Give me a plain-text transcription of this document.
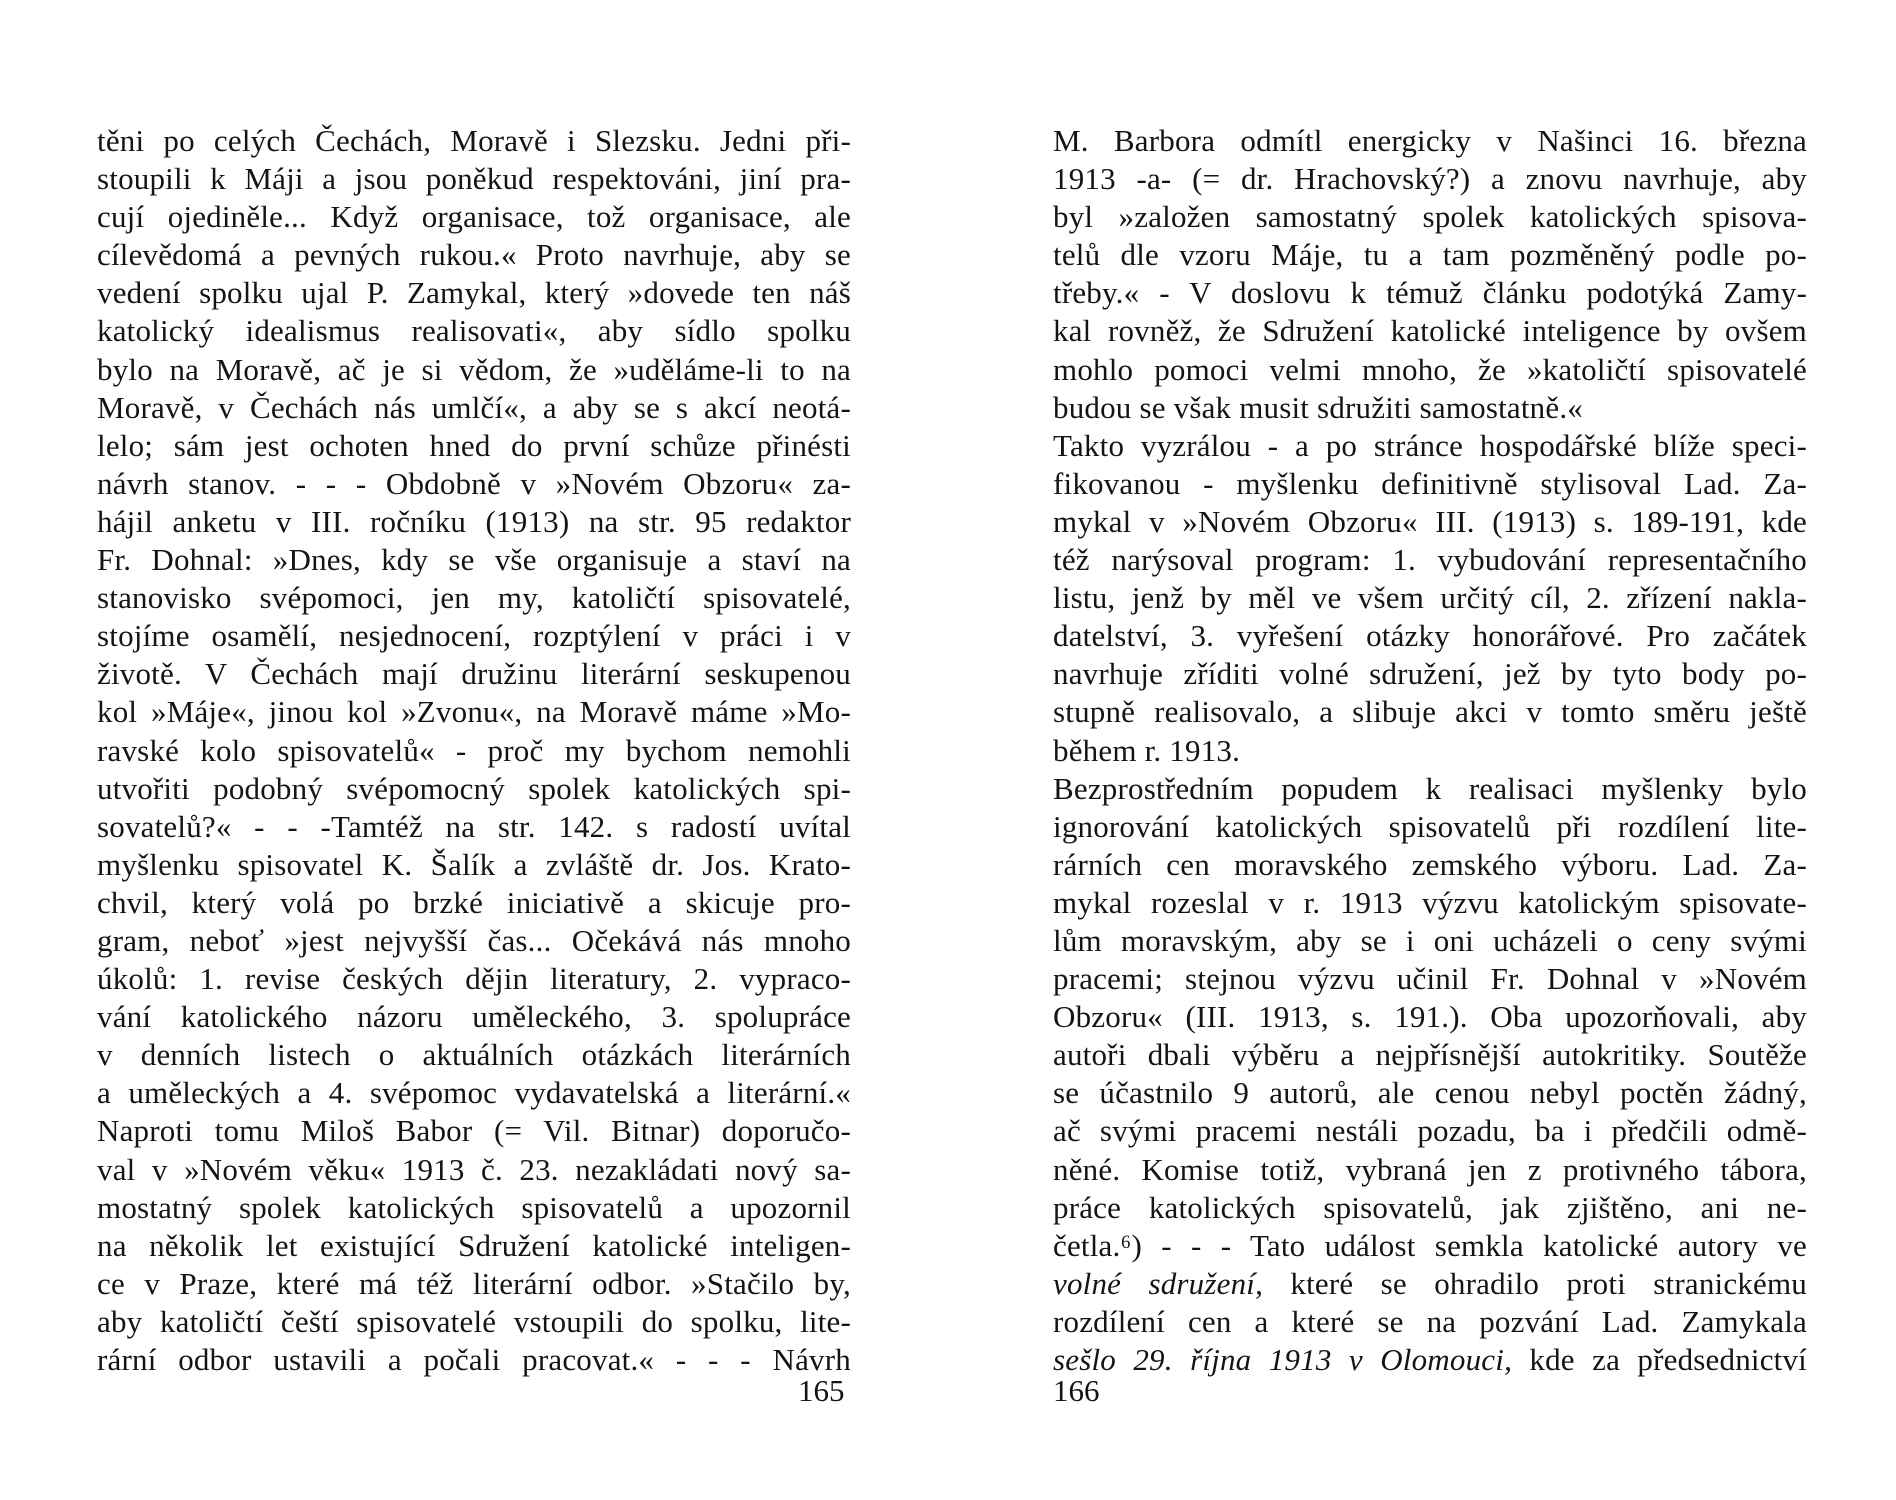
těni po celých Čechách, Moravě i Slezsku. Jedni při-
stoupili k Máji a jsou poněkud respektováni, jiní pra-
cují ojediněle... Když organisace, tož organisace, ale
cílevědomá a pevných rukou.« Proto navrhuje, aby se
vedení spolku ujal P. Zamykal, který »dovede ten náš
katolický idealismus realisovati«, aby sídlo spolku
bylo na Moravě, ač je si vědom, že »uděláme-li to na
Moravě, v Čechách nás umlčí«, a aby se s akcí neotá-
lelo; sám jest ochoten hned do první schůze přinésti
návrh stanov. - - - Obdobně v »Novém Obzoru« za-
hájil anketu v III. ročníku (1913) na str. 95 redaktor
Fr. Dohnal: »Dnes, kdy se vše organisuje a staví na
stanovisko svépomoci, jen my, katoličtí spisovatelé,
stojíme osamělí, nesjednocení, rozptýlení v práci i v
životě. V Čechách mají družinu literární seskupenou
kol »Máje«, jinou kol »Zvonu«, na Moravě máme »Mo-
ravské kolo spisovatelů« - proč my bychom nemohli
utvořiti podobný svépomocný spolek katolických spi-
sovatelů?« - - -Tamtéž na str. 142. s radostí uvítal
myšlenku spisovatel K. Šalík a zvláště dr. Jos. Krato-
chvil, který volá po brzké iniciativě a skicuje pro-
gram, neboť »jest nejvyšší čas... Očekává nás mnoho
úkolů: 1. revise českých dějin literatury, 2. vypraco-
vání katolického názoru uměleckého, 3. spolupráce
v denních listech o aktuálních otázkách literárních
a uměleckých a 4. svépomoc vydavatelská a literární.«
Naproti tomu Miloš Babor (= Vil. Bitnar) doporučo-
val v »Novém věku« 1913 č. 23. nezakládati nový sa-
mostatný spolek katolických spisovatelů a upozornil
na několik let existující Sdružení katolické inteligen-
ce v Praze, které má též literární odbor. »Stačilo by,
aby katoličtí čeští spisovatelé vstoupili do spolku, lite-
rární odbor ustavili a počali pracovat.« - - - Návrh
165
M. Barbora odmítl energicky v Našinci 16. března
1913 -a- (= dr. Hrachovský?) a znovu navrhuje, aby
byl »založen samostatný spolek katolických spisova-
telů dle vzoru Máje, tu a tam pozměněný podle po-
třeby.« - V doslovu k témuž článku podotýká Zamy-
kal rovněž, že Sdružení katolické inteligence by ovšem
mohlo pomoci velmi mnoho, že »katoličtí spisovatelé
budou se však musit sdružiti samostatně.«
Takto vyzrálou - a po stránce hospodářské blíže speci-
fikovanou - myšlenku definitivně stylisoval Lad. Za-
mykal v »Novém Obzoru« III. (1913) s. 189-191, kde
též narýsoval program: 1. vybudování representačního
listu, jenž by měl ve všem určitý cíl, 2. zřízení nakla-
datelství, 3. vyřešení otázky honorářové. Pro začátek
navrhuje zříditi volné sdružení, jež by tyto body po-
stupně realisovalo, a slibuje akci v tomto směru ještě
během r. 1913.
Bezprostředním popudem k realisaci myšlenky bylo
ignorování katolických spisovatelů při rozdílení lite-
rárních cen moravského zemského výboru. Lad. Za-
mykal rozeslal v r. 1913 výzvu katolickým spisovate-
lům moravským, aby se i oni ucházeli o ceny svými
pracemi; stejnou výzvu učinil Fr. Dohnal v »Novém
Obzoru« (III. 1913, s. 191.). Oba upozorňovali, aby
autoři dbali výběru a nejpřísnější autokritiky. Soutěže
se účastnilo 9 autorů, ale cenou nebyl poctěn žádný,
ač svými pracemi nestáli pozadu, ba i předčili odmě-
něné. Komise totiž, vybraná jen z protivného tábora,
práce katolických spisovatelů, jak zjištěno, ani ne-
četla.⁶) - - - Tato událost semkla katolické autory ve
volné sdružení, které se ohradilo proti stranickému
rozdílení cen a které se na pozvání Lad. Zamykala
sešlo 29. října 1913 v Olomouci, kde za předsednictví
166
